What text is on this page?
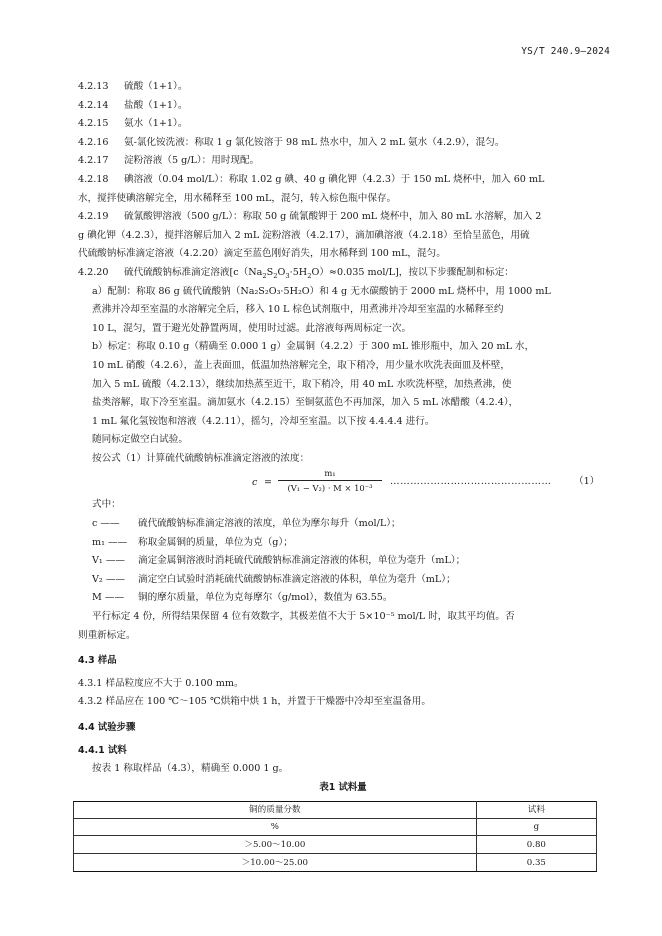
YS/T 240.9—2024
4.2.13 硫酸（1+1）。
4.2.14 盐酸（1+1）。
4.2.15 氨水（1+1）。
4.2.16 氨-氯化铵洗液：称取 1 g 氯化铵溶于 98 mL 热水中，加入 2 mL 氨水（4.2.9），混匀。
4.2.17 淀粉溶液（5 g/L）：用时现配。
4.2.18 碘溶液（0.04 mol/L）：称取 1.02 g 碘、40 g 碘化钾（4.2.3）于 150 mL 烧杯中，加入 60 mL
水，搅拌使碘溶解完全，用水稀释至 100 mL，混匀，转入棕色瓶中保存。
4.2.19 硫氰酸钾溶液（500 g/L）：称取 50 g 硫氰酸钾于 200 mL 烧杯中，加入 80 mL 水溶解，加入 2
g 碘化钾（4.2.3），搅拌溶解后加入 2 mL 淀粉溶液（4.2.17），滴加碘溶液（4.2.18）至恰呈蓝色，用硫
代硫酸钠标准滴定溶液（4.2.20）滴定至蓝色刚好消失，用水稀释到 100 mL，混匀。
4.2.20 硫代硫酸钠标准滴定溶液[$c(Na_2S_2O_3\cdot 5H_2O)\approx 0.035$ mol/L]，按以下步骤配制和标定：
a）配制：称取 86 g 硫代硫酸钠（Na₂S₂O₃·5H₂O）和 4 g 无水碳酸钠于 2000 mL 烧杯中，用 1000 mL
煮沸并冷却至室温的水溶解完全后，移入 10 L 棕色试剂瓶中，用煮沸并冷却至室温的水稀释至约
10 L，混匀，置于避光处静置两周，使用时过滤。此溶液每两周标定一次。
b）标定：称取 0.10 g（精确至 0.000 1 g）金属铜（4.2.2）于 300 mL 锥形瓶中，加入 20 mL 水，
10 mL 硝酸（4.2.6），盖上表面皿，低温加热溶解完全，取下稍冷，用少量水吹洗表面皿及杯壁，
加入 5 mL 硫酸（4.2.13），继续加热蒸至近干，取下稍冷，用 40 mL 水吹洗杯壁，加热煮沸，使
盐类溶解，取下冷至室温。滴加氨水（4.2.15）至铜氨蓝色不再加深，加入 5 mL 冰醋酸（4.2.4），
1 mL 氟化氢铵饱和溶液（4.2.11），摇匀，冷却至室温。以下按 4.4.4.4 进行。
随同标定做空白试验。
按公式（1）计算硫代硫酸钠标准滴定溶液的浓度：
c =
m₁
(V₁ − V₂) · M × 10⁻³
………………………………………… （1）
式中：
c —— 硫代硫酸钠标准滴定溶液的浓度，单位为摩尔每升（mol/L）；
m₁ —— 称取金属铜的质量，单位为克（g）；
V₁ —— 滴定金属铜溶液时消耗硫代硫酸钠标准滴定溶液的体积，单位为毫升（mL）；
V₂ —— 滴定空白试验时消耗硫代硫酸钠标准滴定溶液的体积，单位为毫升（mL）；
M —— 铜的摩尔质量，单位为克每摩尔（g/mol），数值为 63.55。
平行标定 4 份，所得结果保留 4 位有效数字，其极差值不大于 5×10⁻⁵ mol/L 时，取其平均值。否
则重新标定。
4.3 样品
4.3.1 样品粒度应不大于 0.100 mm。
4.3.2 样品应在 100 ℃～105 ℃烘箱中烘 1 h，并置于干燥器中冷却至室温备用。
4.4 试验步骤
4.4.1 试料
按表 1 称取样品（4.3），精确至 0.000 1 g。
表1 试料量
铜的质量分数	试料
%	g
＞5.00～10.00	0.80
＞10.00～25.00	0.35
